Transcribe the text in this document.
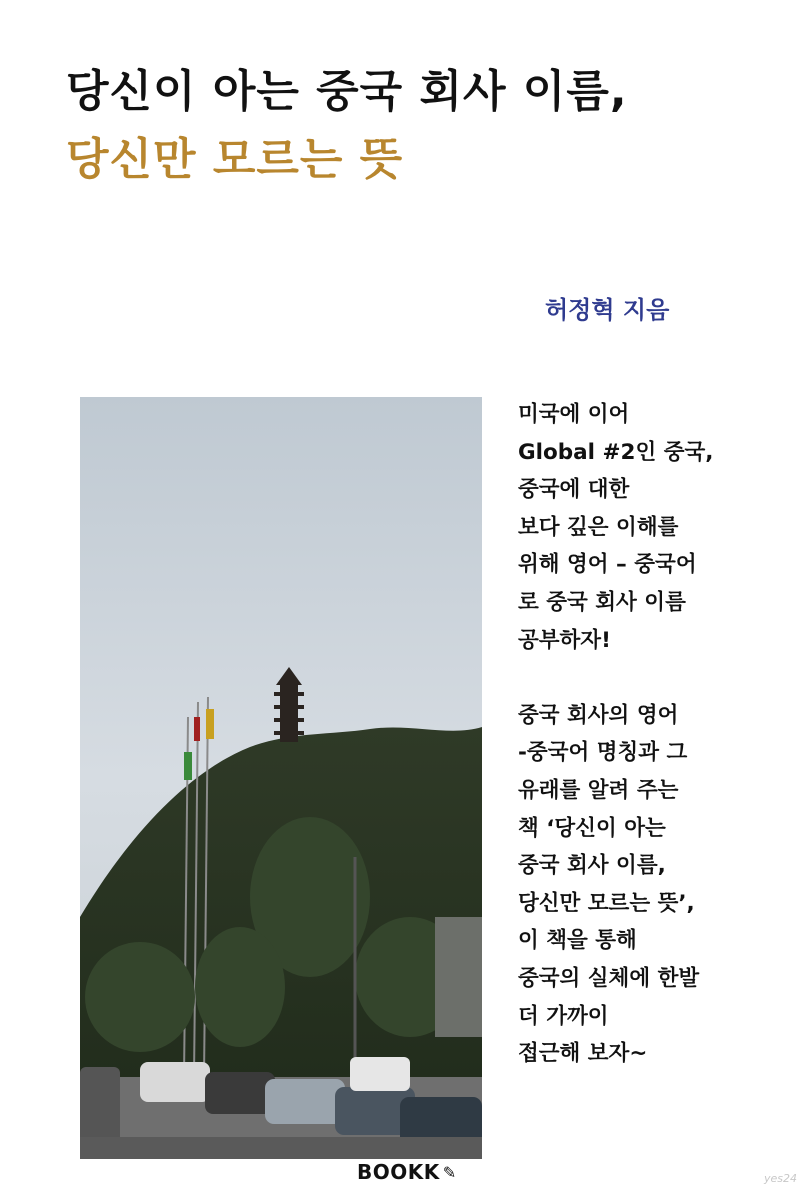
당신이 아는 중국 회사 이름,
당신만 모르는 뜻
허정혁 지음
미국에 이어
Global #2인 중국,
중국에 대한
보다 깊은 이해를
위해 영어 – 중국어
로 중국 회사 이름
공부하자!
중국 회사의 영어
-중국어 명칭과 그
유래를 알려 주는
책 ‘당신이 아는
중국 회사 이름,
당신만 모르는 뜻’,
이 책을 통해
중국의 실체에 한발
더 가까이
접근해 보자~
BOOKK ✎	yes24
